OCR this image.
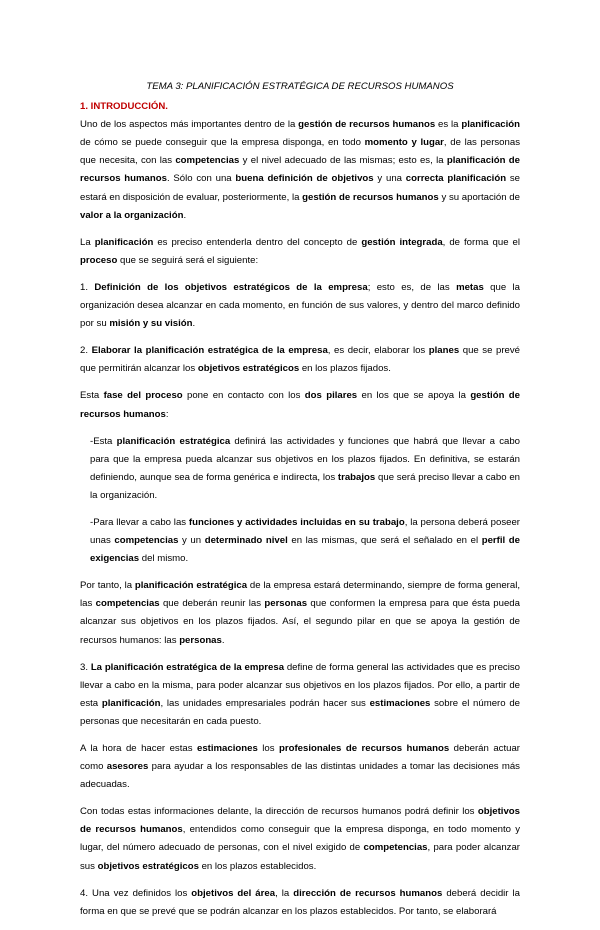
TEMA 3: PLANIFICACIÓN ESTRATÉGICA DE RECURSOS HUMANOS

1. INTRODUCCIÓN.

Uno de los aspectos más importantes dentro de la gestión de recursos humanos es la planificación de cómo se puede conseguir que la empresa disponga, en todo momento y lugar, de las personas que necesita, con las competencias y el nivel adecuado de las mismas; esto es, la planificación de recursos humanos. Sólo con una buena definición de objetivos y una correcta planificación se estará en disposición de evaluar, posteriormente, la gestión de recursos humanos y su aportación de valor a la organización.

La planificación es preciso entenderla dentro del concepto de gestión integrada, de forma que el proceso que se seguirá será el siguiente:

1. Definición de los objetivos estratégicos de la empresa; esto es, de las metas que la organización desea alcanzar en cada momento, en función de sus valores, y dentro del marco definido por su misión y su visión.

2. Elaborar la planificación estratégica de la empresa, es decir, elaborar los planes que se prevé que permitirán alcanzar los objetivos estratégicos en los plazos fijados.

Esta fase del proceso pone en contacto con los dos pilares en los que se apoya la gestión de recursos humanos:

-Esta planificación estratégica definirá las actividades y funciones que habrá que llevar a cabo para que la empresa pueda alcanzar sus objetivos en los plazos fijados. En definitiva, se estarán definiendo, aunque sea de forma genérica e indirecta, los trabajos que será preciso llevar a cabo en la organización.

-Para llevar a cabo las funciones y actividades incluidas en su trabajo, la persona deberá poseer unas competencias y un determinado nivel en las mismas, que será el señalado en el perfil de exigencias del mismo.

Por tanto, la planificación estratégica de la empresa estará determinando, siempre de forma general, las competencias que deberán reunir las personas que conformen la empresa para que ésta pueda alcanzar sus objetivos en los plazos fijados. Así, el segundo pilar en que se apoya la gestión de recursos humanos: las personas.

3. La planificación estratégica de la empresa define de forma general las actividades que es preciso llevar a cabo en la misma, para poder alcanzar sus objetivos en los plazos fijados. Por ello, a partir de esta planificación, las unidades empresariales podrán hacer sus estimaciones sobre el número de personas que necesitarán en cada puesto.

A la hora de hacer estas estimaciones los profesionales de recursos humanos deberán actuar como asesores para ayudar a los responsables de las distintas unidades a tomar las decisiones más adecuadas.

Con todas estas informaciones delante, la dirección de recursos humanos podrá definir los objetivos de recursos humanos, entendidos como conseguir que la empresa disponga, en todo momento y lugar, del número adecuado de personas, con el nivel exigido de competencias, para poder alcanzar sus objetivos estratégicos en los plazos establecidos.

4. Una vez definidos los objetivos del área, la dirección de recursos humanos deberá decidir la forma en que se prevé que se podrán alcanzar en los plazos establecidos. Por tanto, se elaborará
